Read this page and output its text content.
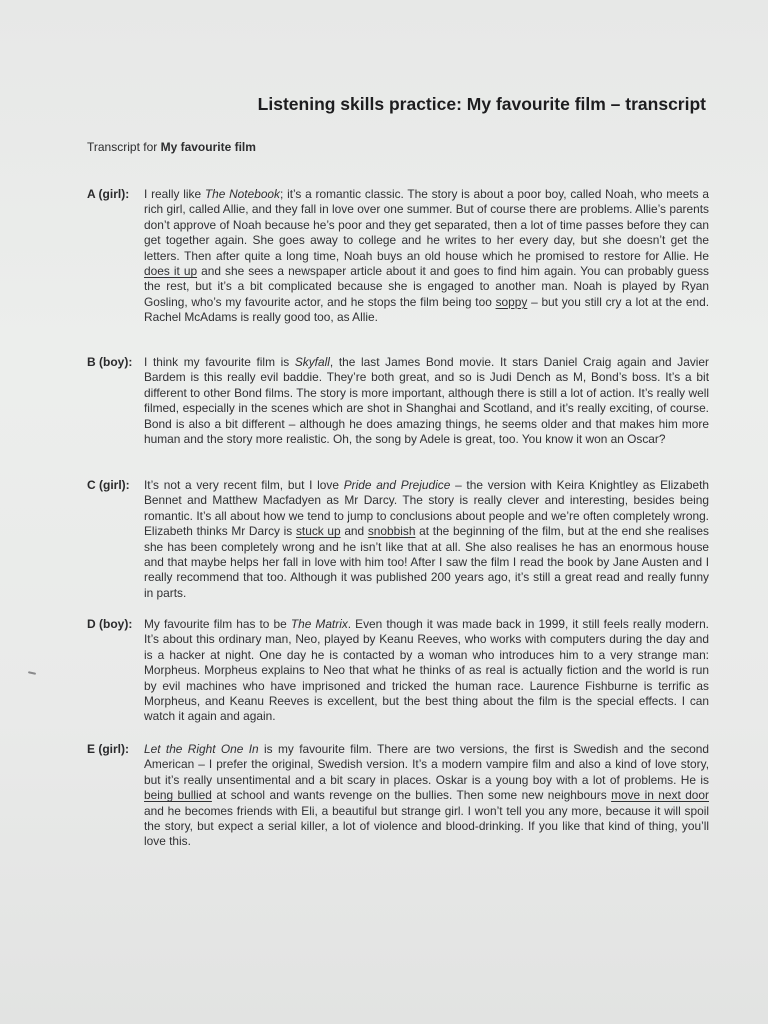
Listening skills practice: My favourite film – transcript
Transcript for My favourite film
A (girl):	I really like The Notebook; it’s a romantic classic. The story is about a poor boy, called Noah, who meets a rich girl, called Allie, and they fall in love over one summer. But of course there are problems. Allie’s parents don’t approve of Noah because he’s poor and they get separated, then a lot of time passes before they can get together again. She goes away to college and he writes to her every day, but she doesn’t get the letters. Then after quite a long time, Noah buys an old house which he promised to restore for Allie. He does it up and she sees a newspaper article about it and goes to find him again. You can probably guess the rest, but it’s a bit complicated because she is engaged to another man. Noah is played by Ryan Gosling, who’s my favourite actor, and he stops the film being too soppy – but you still cry a lot at the end. Rachel McAdams is really good too, as Allie.
B (boy): I think my favourite film is Skyfall, the last James Bond movie. It stars Daniel Craig again and Javier Bardem is this really evil baddie. They’re both great, and so is Judi Dench as M, Bond’s boss. It’s a bit different to other Bond films. The story is more important, although there is still a lot of action. It’s really well filmed, especially in the scenes which are shot in Shanghai and Scotland, and it’s really exciting, of course. Bond is also a bit different – although he does amazing things, he seems older and that makes him more human and the story more realistic. Oh, the song by Adele is great, too. You know it won an Oscar?
C (girl):	It’s not a very recent film, but I love Pride and Prejudice – the version with Keira Knightley as Elizabeth Bennet and Matthew Macfadyen as Mr Darcy. The story is really clever and interesting, besides being romantic. It’s all about how we tend to jump to conclusions about people and we’re often completely wrong. Elizabeth thinks Mr Darcy is stuck up and snobbish at the beginning of the film, but at the end she realises she has been completely wrong and he isn’t like that at all. She also realises he has an enormous house and that maybe helps her fall in love with him too! After I saw the film I read the book by Jane Austen and I really recommend that too. Although it was published 200 years ago, it’s still a great read and really funny in parts.
D (boy): My favourite film has to be The Matrix. Even though it was made back in 1999, it still feels really modern. It’s about this ordinary man, Neo, played by Keanu Reeves, who works with computers during the day and is a hacker at night. One day he is contacted by a woman who introduces him to a very strange man: Morpheus. Morpheus explains to Neo that what he thinks of as real is actually fiction and the world is run by evil machines who have imprisoned and tricked the human race. Laurence Fishburne is terrific as Morpheus, and Keanu Reeves is excellent, but the best thing about the film is the special effects. I can watch it again and again.
E (girl):	Let the Right One In is my favourite film. There are two versions, the first is Swedish and the second American – I prefer the original, Swedish version. It’s a modern vampire film and also a kind of love story, but it’s really unsentimental and a bit scary in places. Oskar is a young boy with a lot of problems. He is being bullied at school and wants revenge on the bullies. Then some new neighbours move in next door and he becomes friends with Eli, a beautiful but strange girl. I won’t tell you any more, because it will spoil the story, but expect a serial killer, a lot of violence and blood-drinking. If you like that kind of thing, you’ll love this.
